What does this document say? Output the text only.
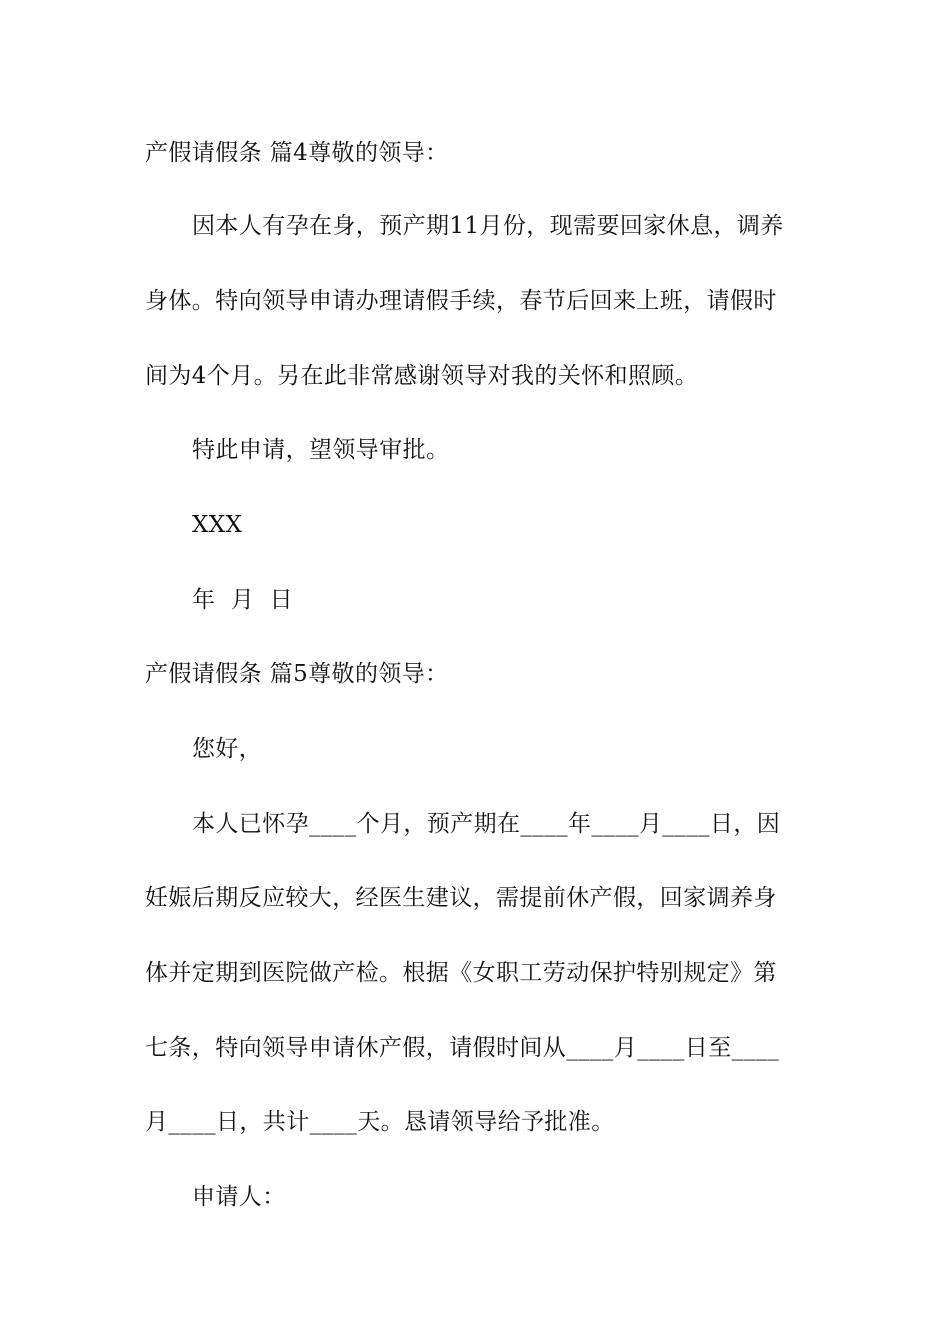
产假请假条 篇4尊敬的领导：
因本人有孕在身，预产期11月份，现需要回家休息，调养
身体。特向领导申请办理请假手续，春节后回来上班，请假时
间为4个月。另在此非常感谢领导对我的关怀和照顾。
特此申请，望领导审批。
XXX
年  月  日
产假请假条 篇5尊敬的领导：
您好，
本人已怀孕____个月，预产期在____年____月____日，因
妊娠后期反应较大，经医生建议，需提前休产假，回家调养身
体并定期到医院做产检。根据《女职工劳动保护特别规定》第
七条，特向领导申请休产假，请假时间从____月____日至____
月____日，共计____天。恳请领导给予批准。
申请人：
